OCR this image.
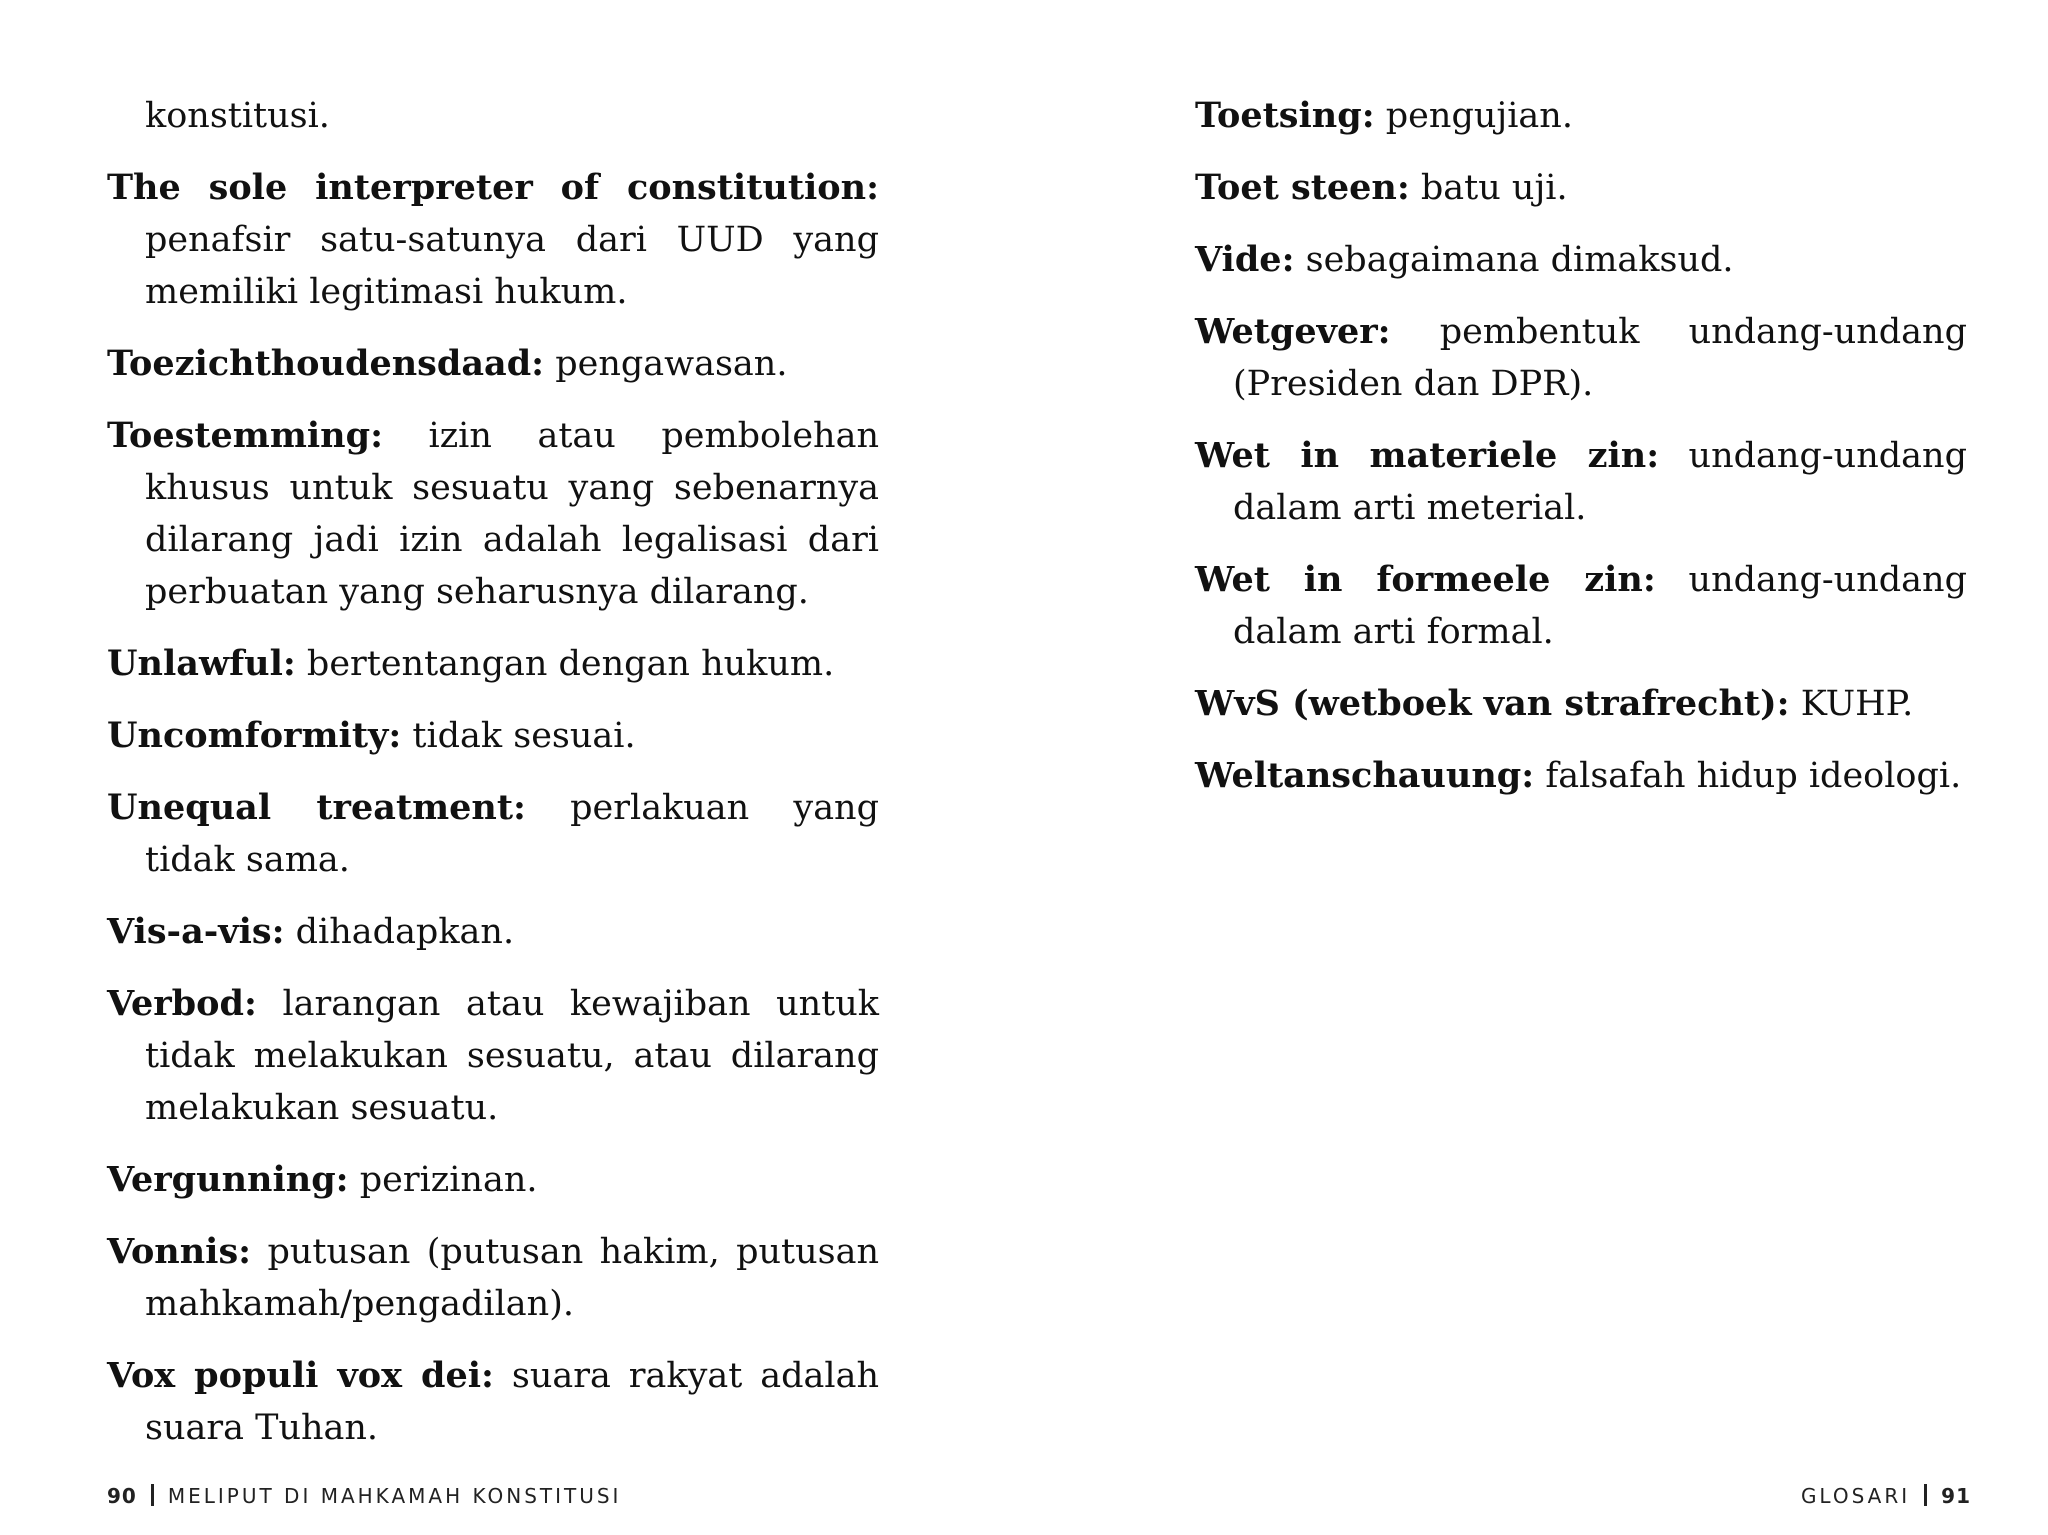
konstitusi.

The sole interpreter of constitution: penafsir satu-satunya dari UUD yang memiliki legitimasi hukum.

Toezichthoudensdaad: pengawasan.

Toestemming: izin atau pembolehan khusus untuk sesuatu yang sebenarnya dilarang jadi izin adalah legalisasi dari perbuatan yang seharusnya dilarang.

Unlawful: bertentangan dengan hukum.

Uncomformity: tidak sesuai.

Unequal treatment: perlakuan yang tidak sama.

Vis-a-vis: dihadapkan.

Verbod: larangan atau kewajiban untuk tidak melakukan sesuatu, atau dilarang melakukan sesuatu.

Vergunning: perizinan.

Vonnis: putusan (putusan hakim, putusan mahkamah/pengadilan).

Vox populi vox dei: suara rakyat adalah suara Tuhan.

90 MELIPUT DI MAHKAMAH KONSTITUSI

Toetsing: pengujian.

Toet steen: batu uji.

Vide: sebagaimana dimaksud.

Wetgever: pembentuk undang-undang (Presiden dan DPR).

Wet in materiele zin: undang-undang dalam arti meterial.

Wet in formeele zin: undang-undang dalam arti formal.

WvS (wetboek van strafrecht): KUHP.

Weltanschauung: falsafah hidup ideologi.

GLOSARI 91
